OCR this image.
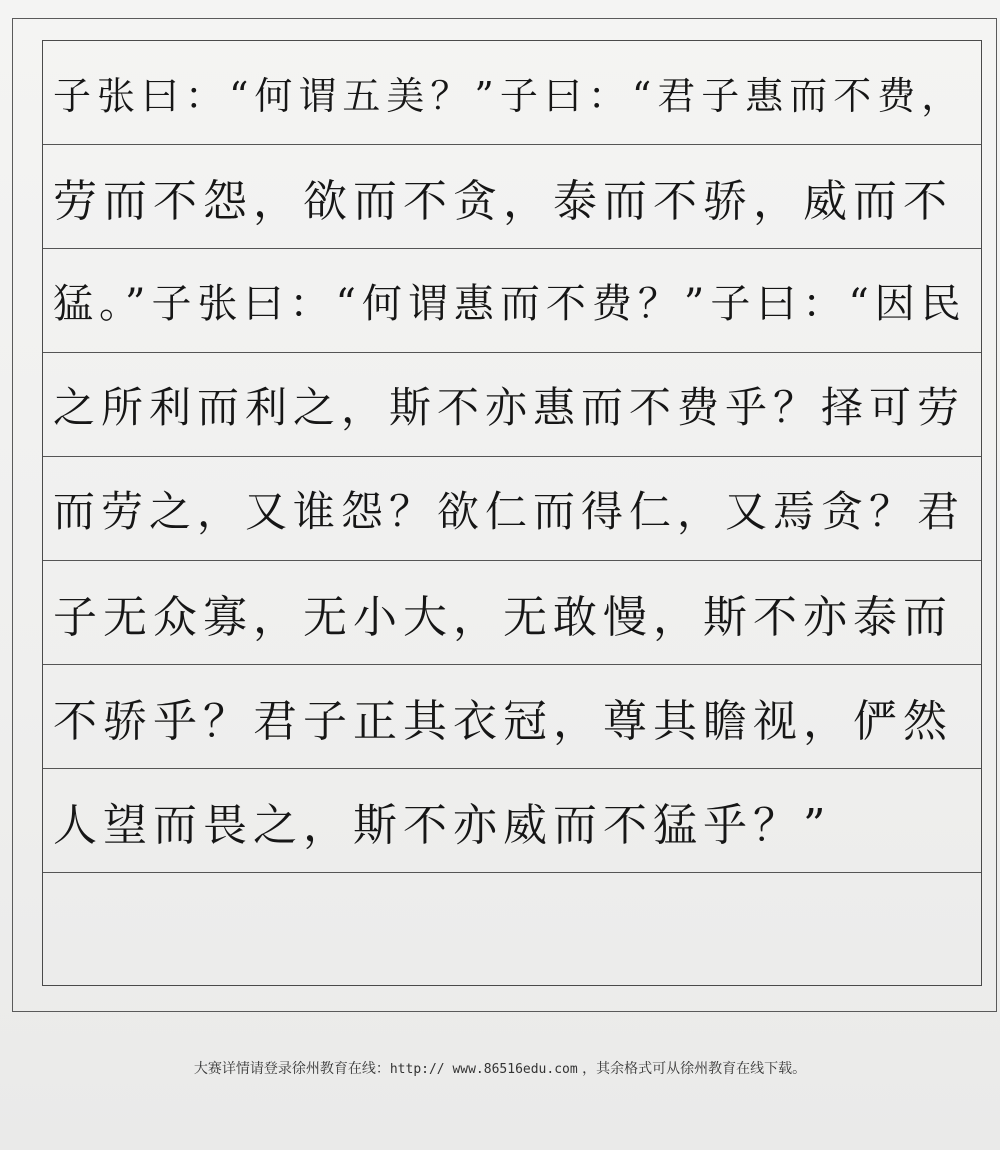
子张曰：“何谓五美？”子曰：“君子惠而不费，
劳而不怨，欲而不贪，泰而不骄，威而不
猛。”子张曰：“何谓惠而不费？”子曰：“因民
之所利而利之，斯不亦惠而不费乎？择可劳
而劳之，又谁怨？欲仁而得仁，又焉贪？君
子无众寡，无小大，无敢慢，斯不亦泰而
不骄乎？君子正其衣冠，尊其瞻视，俨然
人望而畏之，斯不亦威而不猛乎？”
大赛详情请登录徐州教育在线：http:// www.86516edu.com ，其余格式可从徐州教育在线下载。
